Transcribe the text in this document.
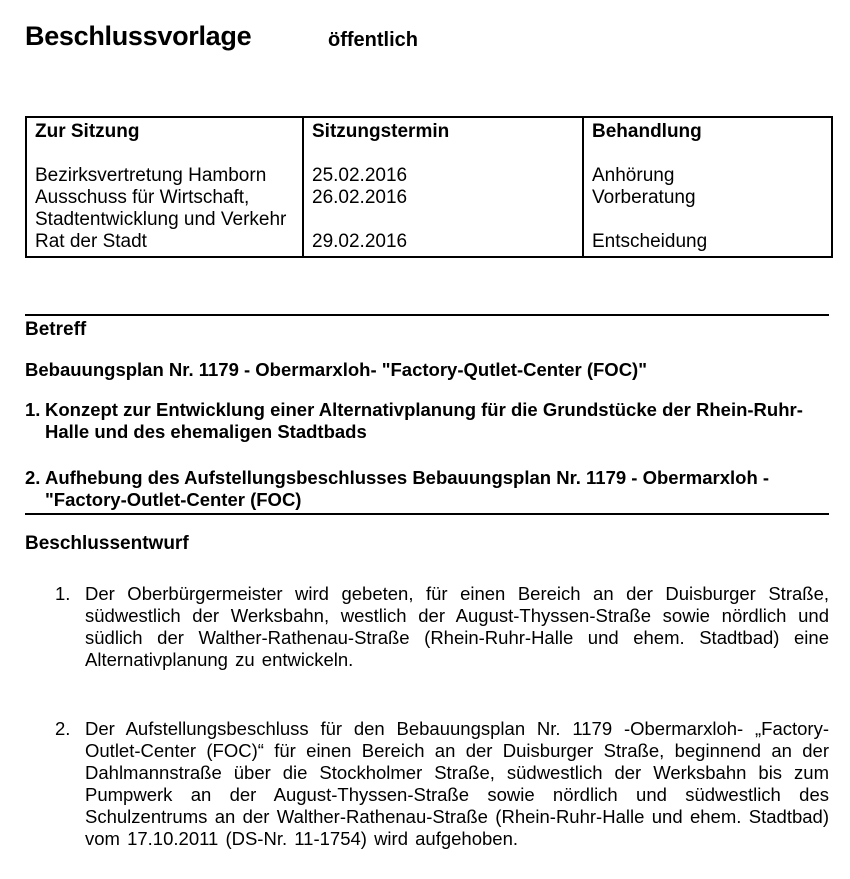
Beschlussvorlage	öffentlich
Zur Sitzung
Bezirksvertretung Hamborn
Ausschuss für Wirtschaft,
Stadtentwicklung und Verkehr
Rat der Stadt
Sitzungstermin
25.02.2016
26.02.2016
29.02.2016
Behandlung
Anhörung
Vorberatung
Entscheidung
Betreff
Bebauungsplan Nr. 1179 - Obermarxloh- "Factory-Qutlet-Center (FOC)"
1. Konzept zur Entwicklung einer Alternativplanung für die Grundstücke der Rhein-Ruhr-Halle und des ehemaligen Stadtbads
2. Aufhebung des Aufstellungsbeschlusses Bebauungsplan Nr. 1179 - Obermarxloh - "Factory-Outlet-Center (FOC)
Beschlussentwurf
1. Der Oberbürgermeister wird gebeten, für einen Bereich an der Duisburger Straße, südwestlich der Werksbahn, westlich der August-Thyssen-Straße sowie nördlich und südlich der Walther-Rathenau-Straße (Rhein-Ruhr-Halle und ehem. Stadtbad) eine Alternativplanung zu entwickeln.
2. Der Aufstellungsbeschluss für den Bebauungsplan Nr. 1179 -Obermarxloh- „Factory-Outlet-Center (FOC)“ für einen Bereich an der Duisburger Straße, beginnend an der Dahlmannstraße über die Stockholmer Straße, südwestlich der Werksbahn bis zum Pumpwerk an der August-Thyssen-Straße sowie nördlich und südwestlich des Schulzentrums an der Walther-Rathenau-Straße (Rhein-Ruhr-Halle und ehem. Stadtbad) vom 17.10.2011 (DS-Nr. 11-1754) wird aufgehoben.
